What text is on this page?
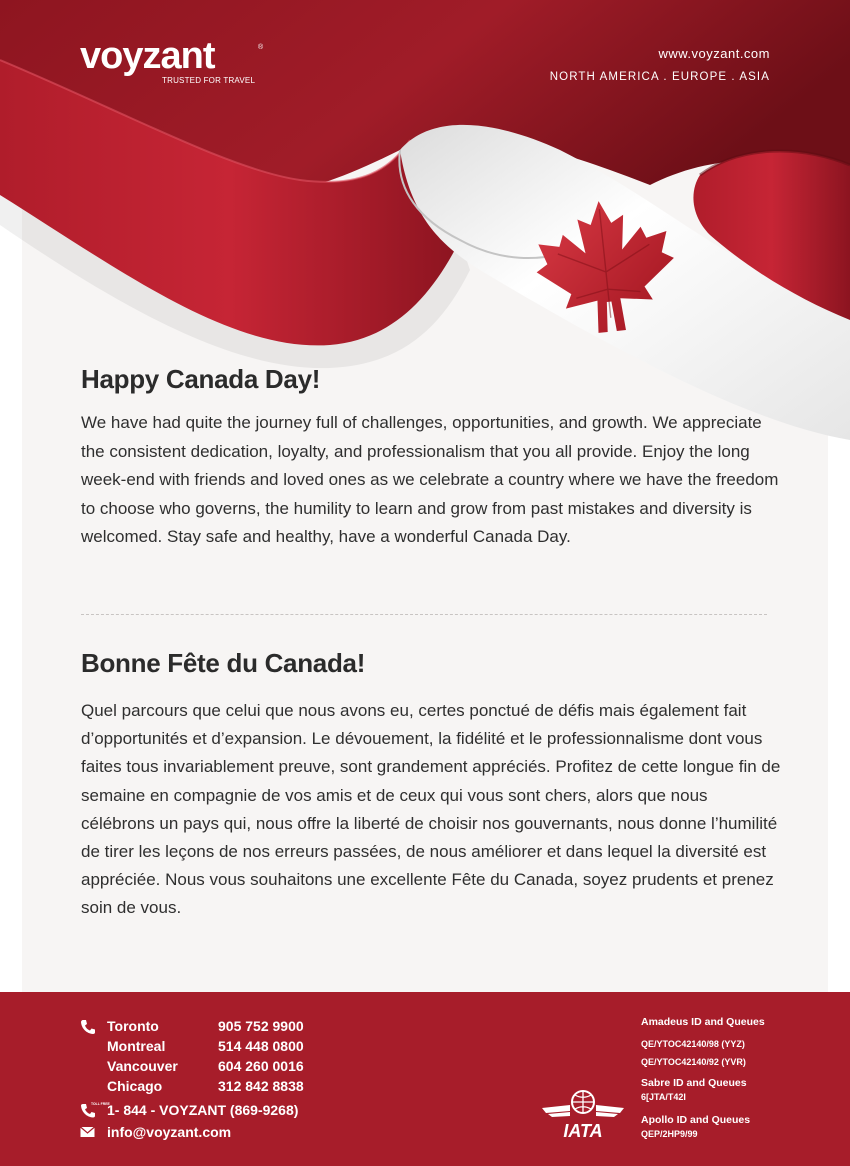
voyzant	®
TRUSTED FOR TRAVEL
www.voyzant.com
NORTH AMERICA . EUROPE . ASIA
Happy Canada Day!

We have had quite the journey full of challenges, opportunities, and growth. We appreciate the consistent dedication, loyalty, and professionalism that you all provide. Enjoy the long week-end with friends and loved ones as we celebrate a country where we have the freedom to choose who governs, the humility to learn and grow from past mistakes and diversity is welcomed. Stay safe and healthy, have a wonderful Canada Day.

Bonne Fête du Canada!

Quel parcours que celui que nous avons eu, certes ponctué de défis mais également fait d’opportunités et d’expansion. Le dévouement, la fidélité et le professionnalisme dont vous faites tous invariablement preuve, sont grandement appréciés. Profitez de cette longue fin de semaine en compagnie de vos amis et de ceux qui vous sont chers, alors que nous célébrons un pays qui, nous offre la liberté de choisir nos gouvernants, nous donne l’humilité de tirer les leçons de nos erreurs passées, de nous améliorer et dans lequel la diversité est appréciée. Nous vous souhaitons une excellente Fête du Canada, soyez prudents et prenez soin de vous.

Toronto	905 752 9900
Montreal	514 448 0800
Vancouver	604 260 0016
Chicago	312 842 8838
TOLL FREE
1- 844 - VOYZANT (869-9268)
info@voyzant.com	IATA
Amadeus ID and Queues
QE/YTOC42140/98 (YYZ)
QE/YTOC42140/92 (YVR)
Sabre ID and Queues
6[JTA/T42I
Apollo ID and Queues
QEP/2HP9/99
